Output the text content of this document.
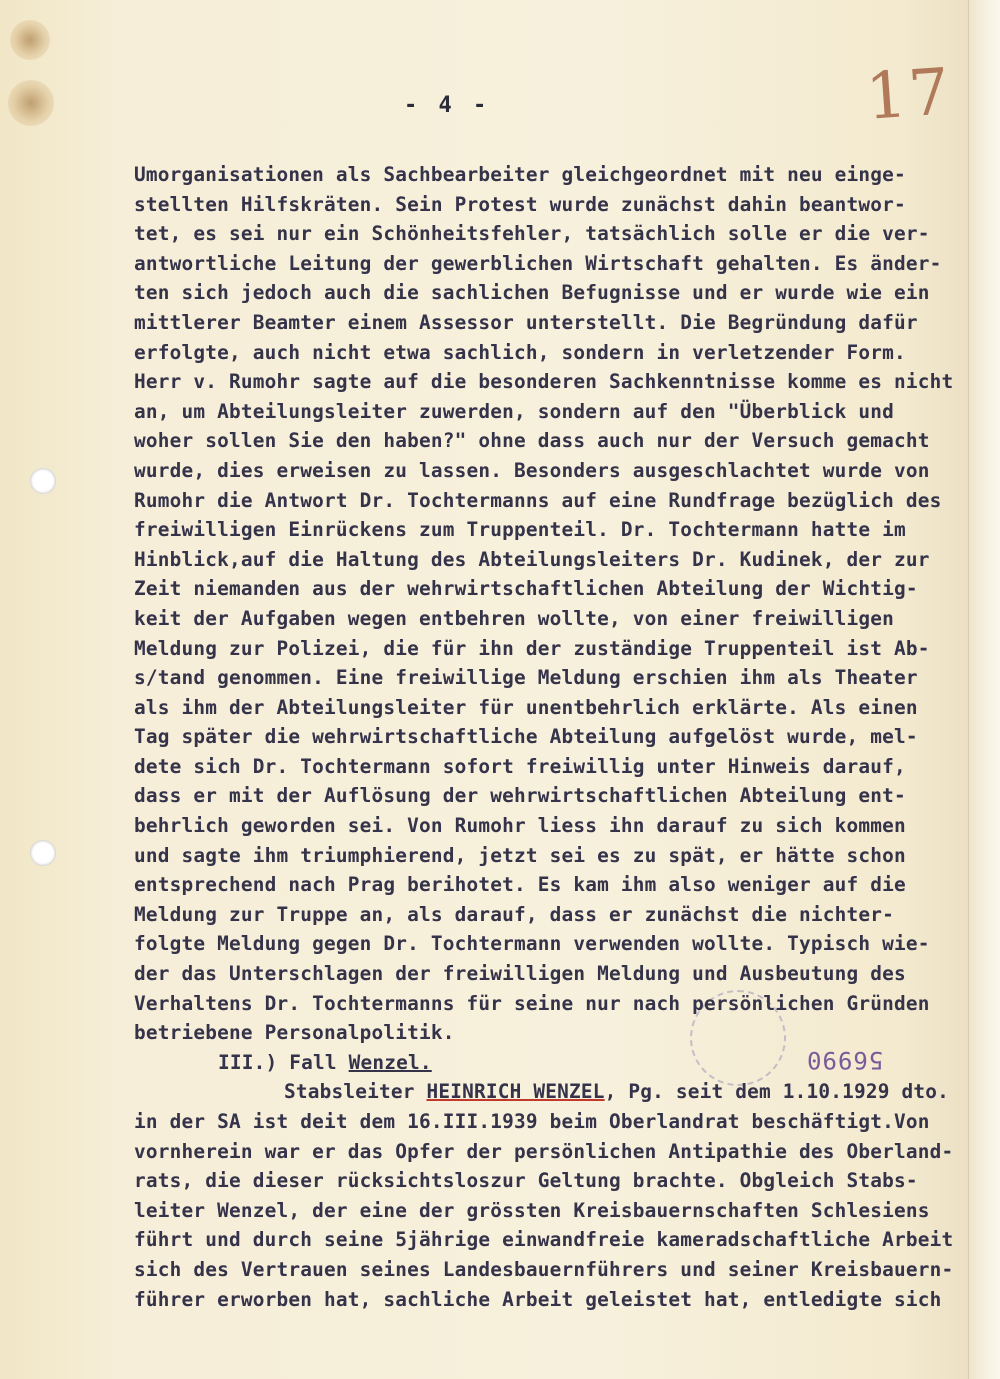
17
- 4 -
56990
Umorganisationen als Sachbearbeiter gleichgeordnet mit neu einge-
stellten Hilfskräten. Sein Protest wurde zunächst dahin beantwor-
tet, es sei nur ein Schönheitsfehler, tatsächlich solle er die ver-
antwortliche Leitung der gewerblichen Wirtschaft gehalten. Es änder-
ten sich jedoch auch die sachlichen Befugnisse und er wurde wie ein
mittlerer Beamter einem Assessor unterstellt. Die Begründung dafür
erfolgte, auch nicht etwa sachlich, sondern in verletzender Form.
Herr v. Rumohr sagte auf die besonderen Sachkenntnisse komme es nicht
an, um Abteilungsleiter zuwerden, sondern auf den "Überblick und
woher sollen Sie den haben?" ohne dass auch nur der Versuch gemacht
wurde, dies erweisen zu lassen. Besonders ausgeschlachtet wurde von
Rumohr die Antwort Dr. Tochtermanns auf eine Rundfrage bezüglich des
freiwilligen Einrückens zum Truppenteil. Dr. Tochtermann hatte im
Hinblick,auf die Haltung des Abteilungsleiters Dr. Kudinek, der zur
Zeit niemanden aus der wehrwirtschaftlichen Abteilung der Wichtig-
keit der Aufgaben wegen entbehren wollte, von einer freiwilligen
Meldung zur Polizei, die für ihn der zuständige Truppenteil ist Ab-
s/tand genommen. Eine freiwillige Meldung erschien ihm als Theater
als ihm der Abteilungsleiter für unentbehrlich erklärte. Als einen
Tag später die wehrwirtschaftliche Abteilung aufgelöst wurde, mel-
dete sich Dr. Tochtermann sofort freiwillig unter Hinweis darauf,
dass er mit der Auflösung der wehrwirtschaftlichen Abteilung ent-
behrlich geworden sei. Von Rumohr liess ihn darauf zu sich kommen
und sagte ihm triumphierend, jetzt sei es zu spät, er hätte schon
entsprechend nach Prag berihotet. Es kam ihm also weniger auf die
Meldung zur Truppe an, als darauf, dass er zunächst die nichter-
folgte Meldung gegen Dr. Tochtermann verwenden wollte. Typisch wie-
der das Unterschlagen der freiwilligen Meldung und Ausbeutung des
Verhaltens Dr. Tochtermanns für seine nur nach persönlichen Gründen
betriebene Personalpolitik.
III.) Fall Wenzel.
Stabsleiter HEINRICH WENZEL, Pg. seit dem 1.10.1929 dto.
in der SA ist deit dem 16.III.1939 beim Oberlandrat beschäftigt.Von
vornherein war er das Opfer der persönlichen Antipathie des Oberland-
rats, die dieser rücksichtsloszur Geltung brachte. Obgleich Stabs-
leiter Wenzel, der eine der grössten Kreisbauernschaften Schlesiens
führt und durch seine 5jährige einwandfreie kameradschaftliche Arbeit
sich des Vertrauen seines Landesbauernführers und seiner Kreisbauern-
führer erworben hat, sachliche Arbeit geleistet hat, entledigte sich
